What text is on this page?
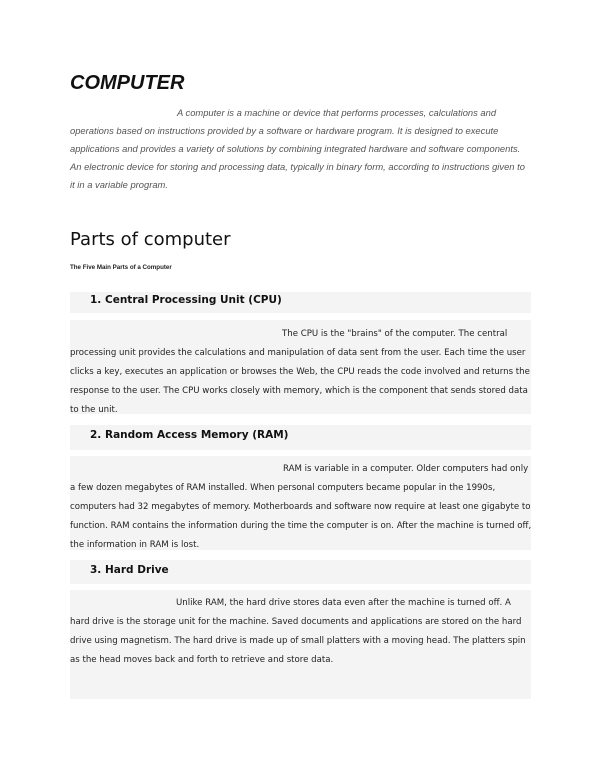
COMPUTER

A computer is a machine or device that performs processes, calculations and operations based on instructions provided by a software or hardware program. It is designed to execute applications and provides a variety of solutions by combining integrated hardware and software components. An electronic device for storing and processing data, typically in binary form, according to instructions given to it in a variable program.

Parts of computer
The Five Main Parts of a Computer
1. Central Processing Unit (CPU)

The CPU is the "brains" of the computer. The central processing unit provides the calculations and manipulation of data sent from the user. Each time the user clicks a key, executes an application or browses the Web, the CPU reads the code involved and returns the response to the user. The CPU works closely with memory, which is the component that sends stored data to the unit.

2. Random Access Memory (RAM)

RAM is variable in a computer. Older computers had only a few dozen megabytes of RAM installed. When personal computers became popular in the 1990s, computers had 32 megabytes of memory. Motherboards and software now require at least one gigabyte to function. RAM contains the information during the time the computer is on. After the machine is turned off, the information in RAM is lost.

3. Hard Drive

Unlike RAM, the hard drive stores data even after the machine is turned off. A hard drive is the storage unit for the machine. Saved documents and applications are stored on the hard drive using magnetism. The hard drive is made up of small platters with a moving head. The platters spin as the head moves back and forth to retrieve and store data.
